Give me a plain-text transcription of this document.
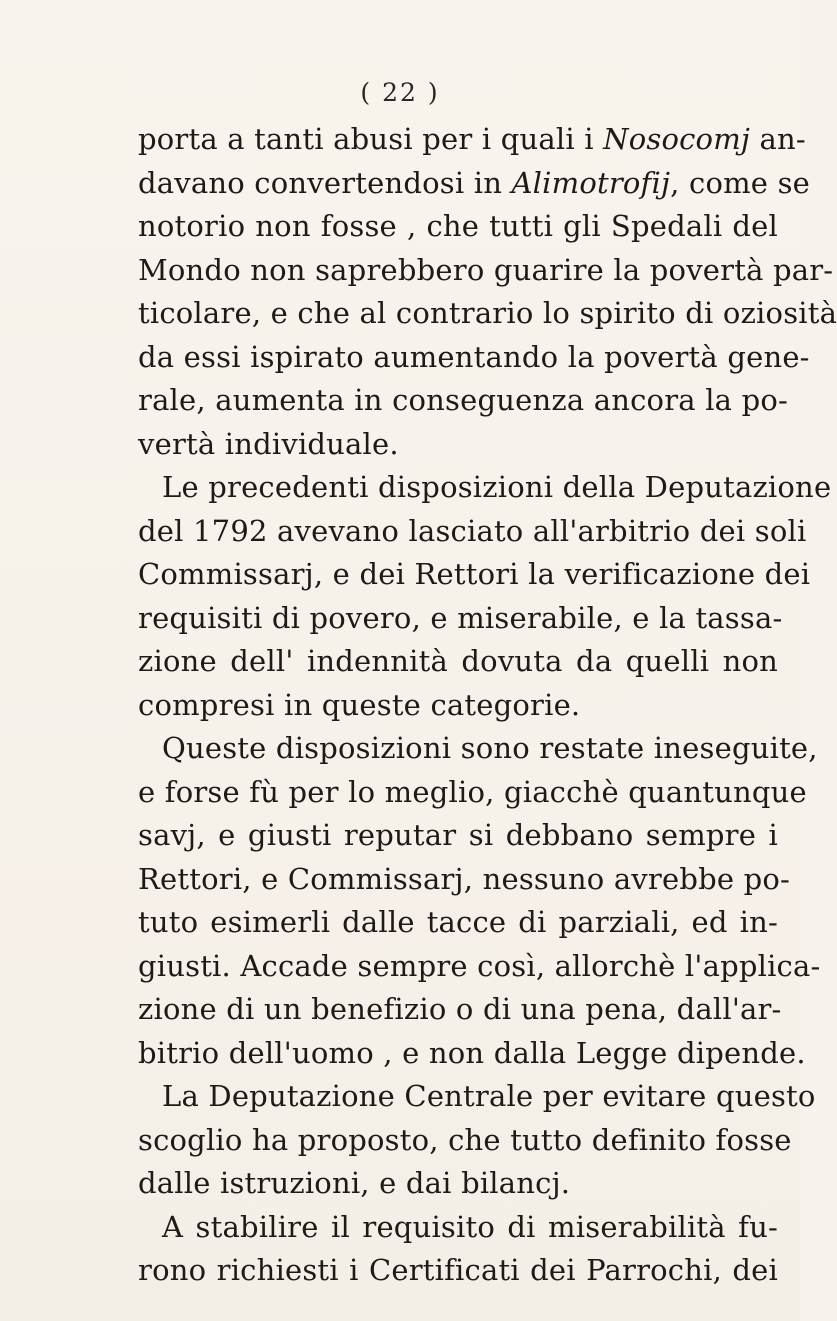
( 22 )
porta a tanti abusi per i quali i Nosocomj an-
davano convertendosi in Alimotrofij, come se
notorio non fosse , che tutti gli Spedali del
Mondo non saprebbero guarire la povertà par-
ticolare, e che al contrario lo spirito di oziosità
da essi ispirato aumentando la povertà gene-
rale, aumenta in conseguenza ancora la po-
vertà individuale.
Le precedenti disposizioni della Deputazione
del 1792 avevano lasciato all'arbitrio dei soli
Commissarj, e dei Rettori la verificazione dei
requisiti di povero, e miserabile, e la tassa-
zione dell' indennità dovuta da quelli non
compresi in queste categorie.
Queste disposizioni sono restate ineseguite,
e forse fù per lo meglio, giacchè quantunque
savj, e giusti reputar si debbano sempre i
Rettori, e Commissarj, nessuno avrebbe po-
tuto esimerli dalle tacce di parziali, ed in-
giusti. Accade sempre così, allorchè l'applica-
zione di un benefizio o di una pena, dall'ar-
bitrio dell'uomo , e non dalla Legge dipende.
La Deputazione Centrale per evitare questo
scoglio ha proposto, che tutto definito fosse
dalle istruzioni, e dai bilancj.
A stabilire il requisito di miserabilità fu-
rono richiesti i Certificati dei Parrochi, dei
